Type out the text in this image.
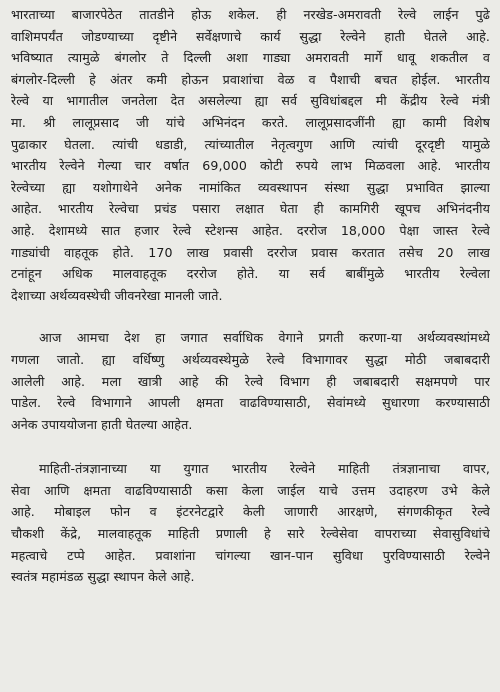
भारताच्या बाजारपेठेत तातडीने होऊ शकेल. ही नरखेड-अमरावती रेल्वे लाईन पुढे
वाशिमपर्यंत जोडण्याच्या दृष्टीने सर्वेक्षणाचे कार्य सुद्धा रेल्वेने हाती घेतले आहे.
भविष्यात त्यामुळे बंगलोर ते दिल्ली अशा गाड्या अमरावती मार्गे धावू शकतील व
बंगलोर-दिल्ली हे अंतर कमी होऊन प्रवाशांचा वेळ व पैशाची बचत होईल. भारतीय
रेल्वे या भागातील जनतेला देत असलेल्या ह्या सर्व सुविधांबद्दल मी केंद्रीय रेल्वे मंत्री
मा. श्री लालूप्रसाद जी यांचे अभिनंदन करते. लालूप्रसादजींनी ह्या कामी विशेष
पुढाकार घेतला. त्यांची धडाडी, त्यांच्यातील नेतृत्वगुण आणि त्यांची दूरदृष्टी यामुळे
भारतीय रेल्वेने गेल्या चार वर्षात 69,000 कोटी रुपये लाभ मिळवला आहे. भारतीय
रेल्वेच्या ह्या यशोगाथेने अनेक नामांकित व्यवस्थापन संस्था सुद्धा प्रभावित झाल्या
आहेत. भारतीय रेल्वेचा प्रचंड पसारा लक्षात घेता ही कामगिरी खूपच अभिनंदनीय
आहे. देशामध्ये सात हजार रेल्वे स्टेशन्स आहेत. दररोज 18,000 पेक्षा जास्त रेल्वे
गाड्यांची वाहतूक होते. 170 लाख प्रवासी दररोज प्रवास करतात तसेच 20 लाख
टनांहून अधिक मालवाहतूक दररोज होते. या सर्व बाबींमुळे भारतीय रेल्वेला
देशाच्या अर्थव्यवस्थेची जीवनरेखा मानली जाते.
आज आमचा देश हा जगात सर्वाधिक वेगाने प्रगती करणा-या अर्थव्यवस्थांमध्ये
गणला जातो. ह्या वर्धिष्णु अर्थव्यवस्थेमुळे रेल्वे विभागावर सुद्धा मोठी जबाबदारी
आलेली आहे. मला खात्री आहे की रेल्वे विभाग ही जबाबदारी सक्षमपणे पार
पाडेल. रेल्वे विभागाने आपली क्षमता वाढविण्यासाठी, सेवांमध्ये सुधारणा करण्यासाठी
अनेक उपाययोजना हाती घेतल्या आहेत.
माहिती-तंत्रज्ञानाच्या या युगात भारतीय रेल्वेने माहिती तंत्रज्ञानाचा वापर,
सेवा आणि क्षमता वाढविण्यासाठी कसा केला जाईल याचे उत्तम उदाहरण उभे केले
आहे. मोबाइल फोन व इंटरनेटद्वारे केली जाणारी आरक्षणे, संगणकीकृत रेल्वे
चौकशी केंद्रे, मालवाहतूक माहिती प्रणाली हे सारे रेल्वेसेवा वापराच्या सेवासुविधांचे
महत्वाचे टप्पे आहेत. प्रवाशांना चांगल्या खान-पान सुविधा पुरविण्यासाठी रेल्वेने
स्वतंत्र महामंडळ सुद्धा स्थापन केले आहे.
